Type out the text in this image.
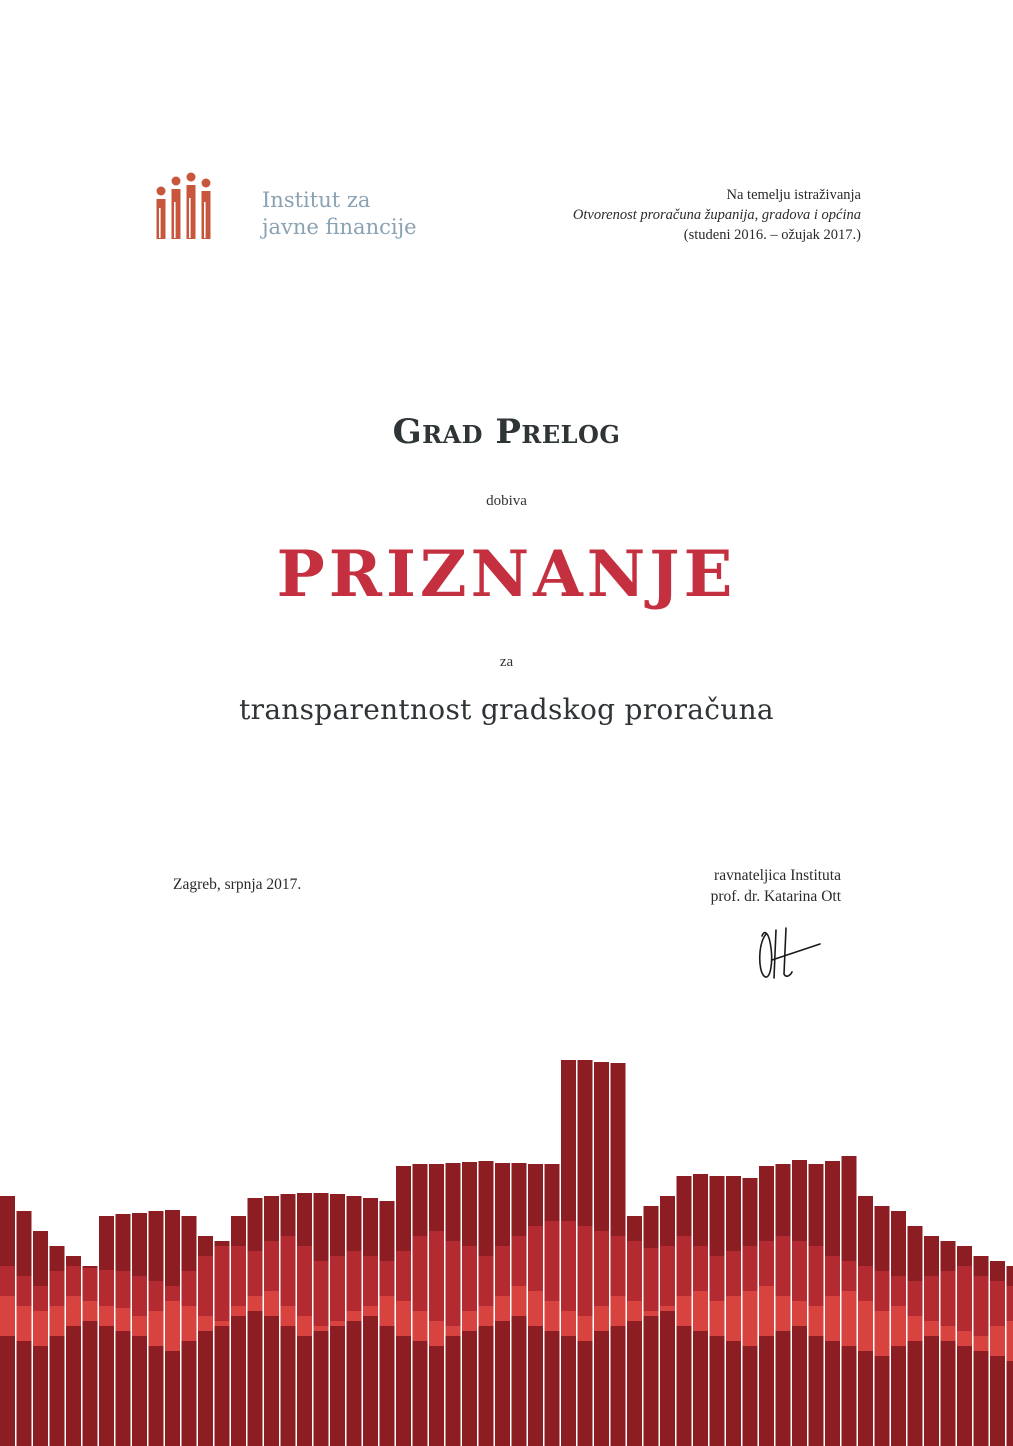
Institut za
javne financije
Na temelju istraživanja
Otvorenost proračuna županija, gradova i općina
(studeni 2016. – ožujak 2017.)
Grad Prelog
dobiva
PRIZNANJE
za
transparentnost gradskog proračuna
Zagreb, srpnja 2017.
ravnateljica Instituta
prof. dr. Katarina Ott
